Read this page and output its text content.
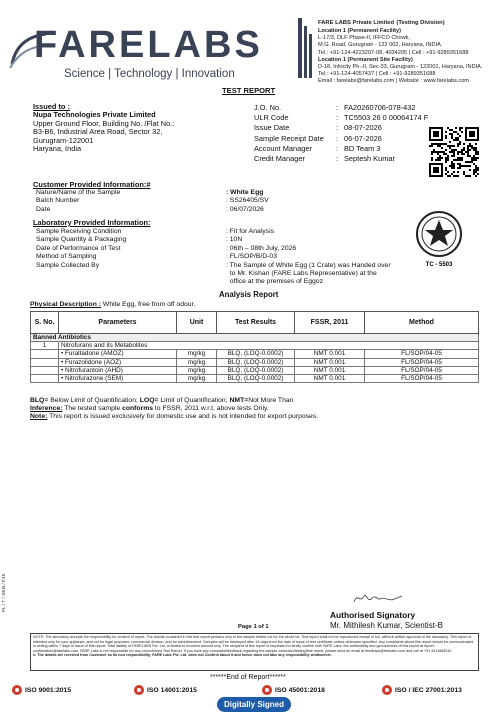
FARELABS
Science | Technology | Innovation
FARE LABS Private Limited (Testing Division)
Location 1 (Permanent Facility)
L-17/3, DLF Phase-II, IFFCO Chowk,
M.G. Road, Gurugram - 122 002, Haryana, INDIA.
Tel.: +91-124-4223207-08, 4034205 | Cell : +91-9289351688
Location 1 (Permanent Site Facility)
D-18, Infocity Ph.-II, Sec-33, Gurugram - 122001, Haryana, INDIA.
Tel.: +91-124-4057437 | Cell : +91-9289351688
Email : farelabs@farelabs.com | Website : www.farelabs.com
TEST REPORT
Issued to :
Nupa Technologies Private Limited
Upper Ground Floor, Building No. /Flat No.:
B3-B6, Industrial Area Road, Sector 32,
Gurugram-122001
Haryana, India
J.O. No.	: FA20260706-078-432
ULR Code	: TC5503 26 0 00064174 F
Issue Date	: 08-07-2026
Sample Receipt Date	: 06-07-2026
Account Manager	: BD Team 3
Credit Manager	: Septesh Kumar
Customer Provided Information:#
Nature/Name of the Sample	: White Egg
Batch Number	: SS26405/SV
Date	: 06/07/2026
Laboratory Provided Information:
Sample Receiving Condition	: Fit for Analysis
Sample Quantity & Packaging	: 10N
Date of Performance of Test	: 06th – 08th July, 2026
Method of Sampling	: FL/SOP/B/D-03
Sample Collected By	: The Sample of White Egg (1 Crate) was Handed over
to Mr. Kishan (FARE Labs Representative) at the
office at the premises of Eggoz
TC - 5503
Analysis Report
Physical Description : White Egg, free from off odour.
S. No.	Parameters	Unit	Test Results	FSSR, 2011	Method
Banned Antibiotics					
1	Nitrofurans and its Metabolites				
	• Furaltadone (AMOZ)	mg/kg	BLQ, (LOQ-0.0002)	NMT 0.001	FL/SOP/04-05
	• Furazolidone (AOZ)	mg/kg	BLQ, (LOQ-0.0002)	NMT 0.001	FL/SOP/04-05
	• Nitrofurantoin (AHD)	mg/kg	BLQ, (LOQ-0.0002)	NMT 0.001	FL/SOP/04-05
	• Nitrofurazone (SEM)	mg/kg	BLQ, (LOQ-0.0002)	NMT 0.001	FL/SOP/04-05
BLQ= Below Limit of Quantification; LOQ= Limit of Quantification; NMT=Not More Than
Inference: The tested sample conforms to FSSR, 2011 w.r.t. above tests Only.
Note: This report is issued exclusively for domestic use and is not intended for export purposes.
Authorised Signatory
Mr. Mithilesh Kumar, Scientist-B
Page 1 of 1
FL / T / SEN / F45
NOTE: The laboratory accepts the responsibility for content of report. The results contained in this test report pertains only to the sample tested not for the whole lot. Test report shall not be reproduced except in full, without written approval of the laboratory. This report is intended only for your guidance, and not for legal purposes, commercial division, and for advertisement. Samples will be destroyed after 15 days from the date of issue of test certificate unless otherwise specified. Any complaints about this report should be communicated in writing within 7 days of issue of this report. Total liability of FARELABS Pvt. Ltd. is limited to invoiced amount only. The recipient of this report is requested to kindly confirm with FARE Labs, the authenticity and genuineness of this report at report-confirmation@farelabs.com. FARE Labs is not responsible for any unconfirmed Test Report. If you have any complaint/feedback regarding the sample collection/testing/test report, please send an email at feedback@farelabs.com and call at +91 9311668310.
#: The details are received from Customer so its non responsibility; FARE Labs Pvt. Ltd. does not Confirm about it and hence does not take any responsibility whatsoever.
******End of Report******
ISO 9001:2015	ISO 14001:2015	ISO 45001:2018	ISO / IEC 27001:2013
Digitally Signed
